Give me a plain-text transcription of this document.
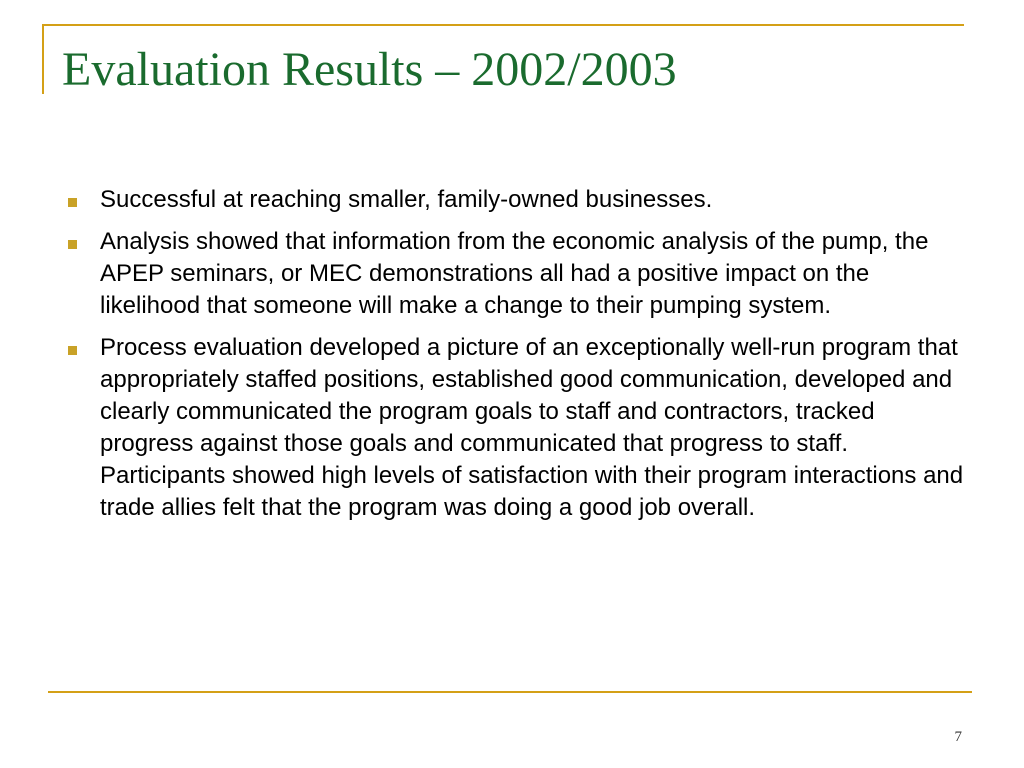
Evaluation Results – 2002/2003
Successful at reaching smaller, family-owned businesses.
Analysis showed that information from the economic analysis of the pump, the APEP seminars, or MEC demonstrations all had a positive impact on the likelihood that someone will make a change to their pumping system.
Process evaluation developed a picture of an exceptionally well-run program that appropriately staffed positions, established good communication, developed and clearly communicated the program goals to staff and contractors, tracked progress against those goals and communicated that progress to staff. Participants showed high levels of satisfaction with their program interactions and trade allies felt that the program was doing a good job overall.
7
